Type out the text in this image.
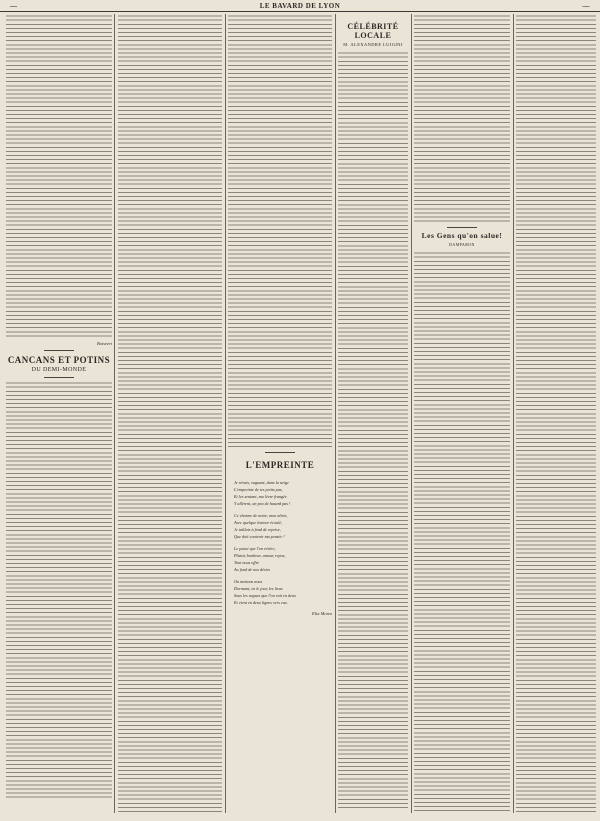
—	LE BAVARD DE LYON	—
Boisvert
CANCANS ET POTINS
DU DEMI-MONDE
L'EMPREINTE
Je révais, vaguant, dans la neige
L'empreinte de tes petits pas,
Et les sentant, ma lèvre frangée
Y allèrent, un peu de hasard pas !
Ce charme de notre, mon altrix,
Avec quelque lenteur écoulé,
Je taillais à fond de reprise,
Que doit contenir ma pensée !
Le passé que l'on révère,
Plaisir, bonheur, amour, repos,
Tout nous offre
Au fond de nos désirs
Ou mettons nous
Dormant, en le jour, les lieux
Sous les vagues que l'on voit en deux
Et vient en deux lignes vers eux.
Elia Morez
CÉLÉBRITÉ LOCALE
M. ALEXANDRE LUIGINI
Les Gens qu'on salue!
DAMPARON
